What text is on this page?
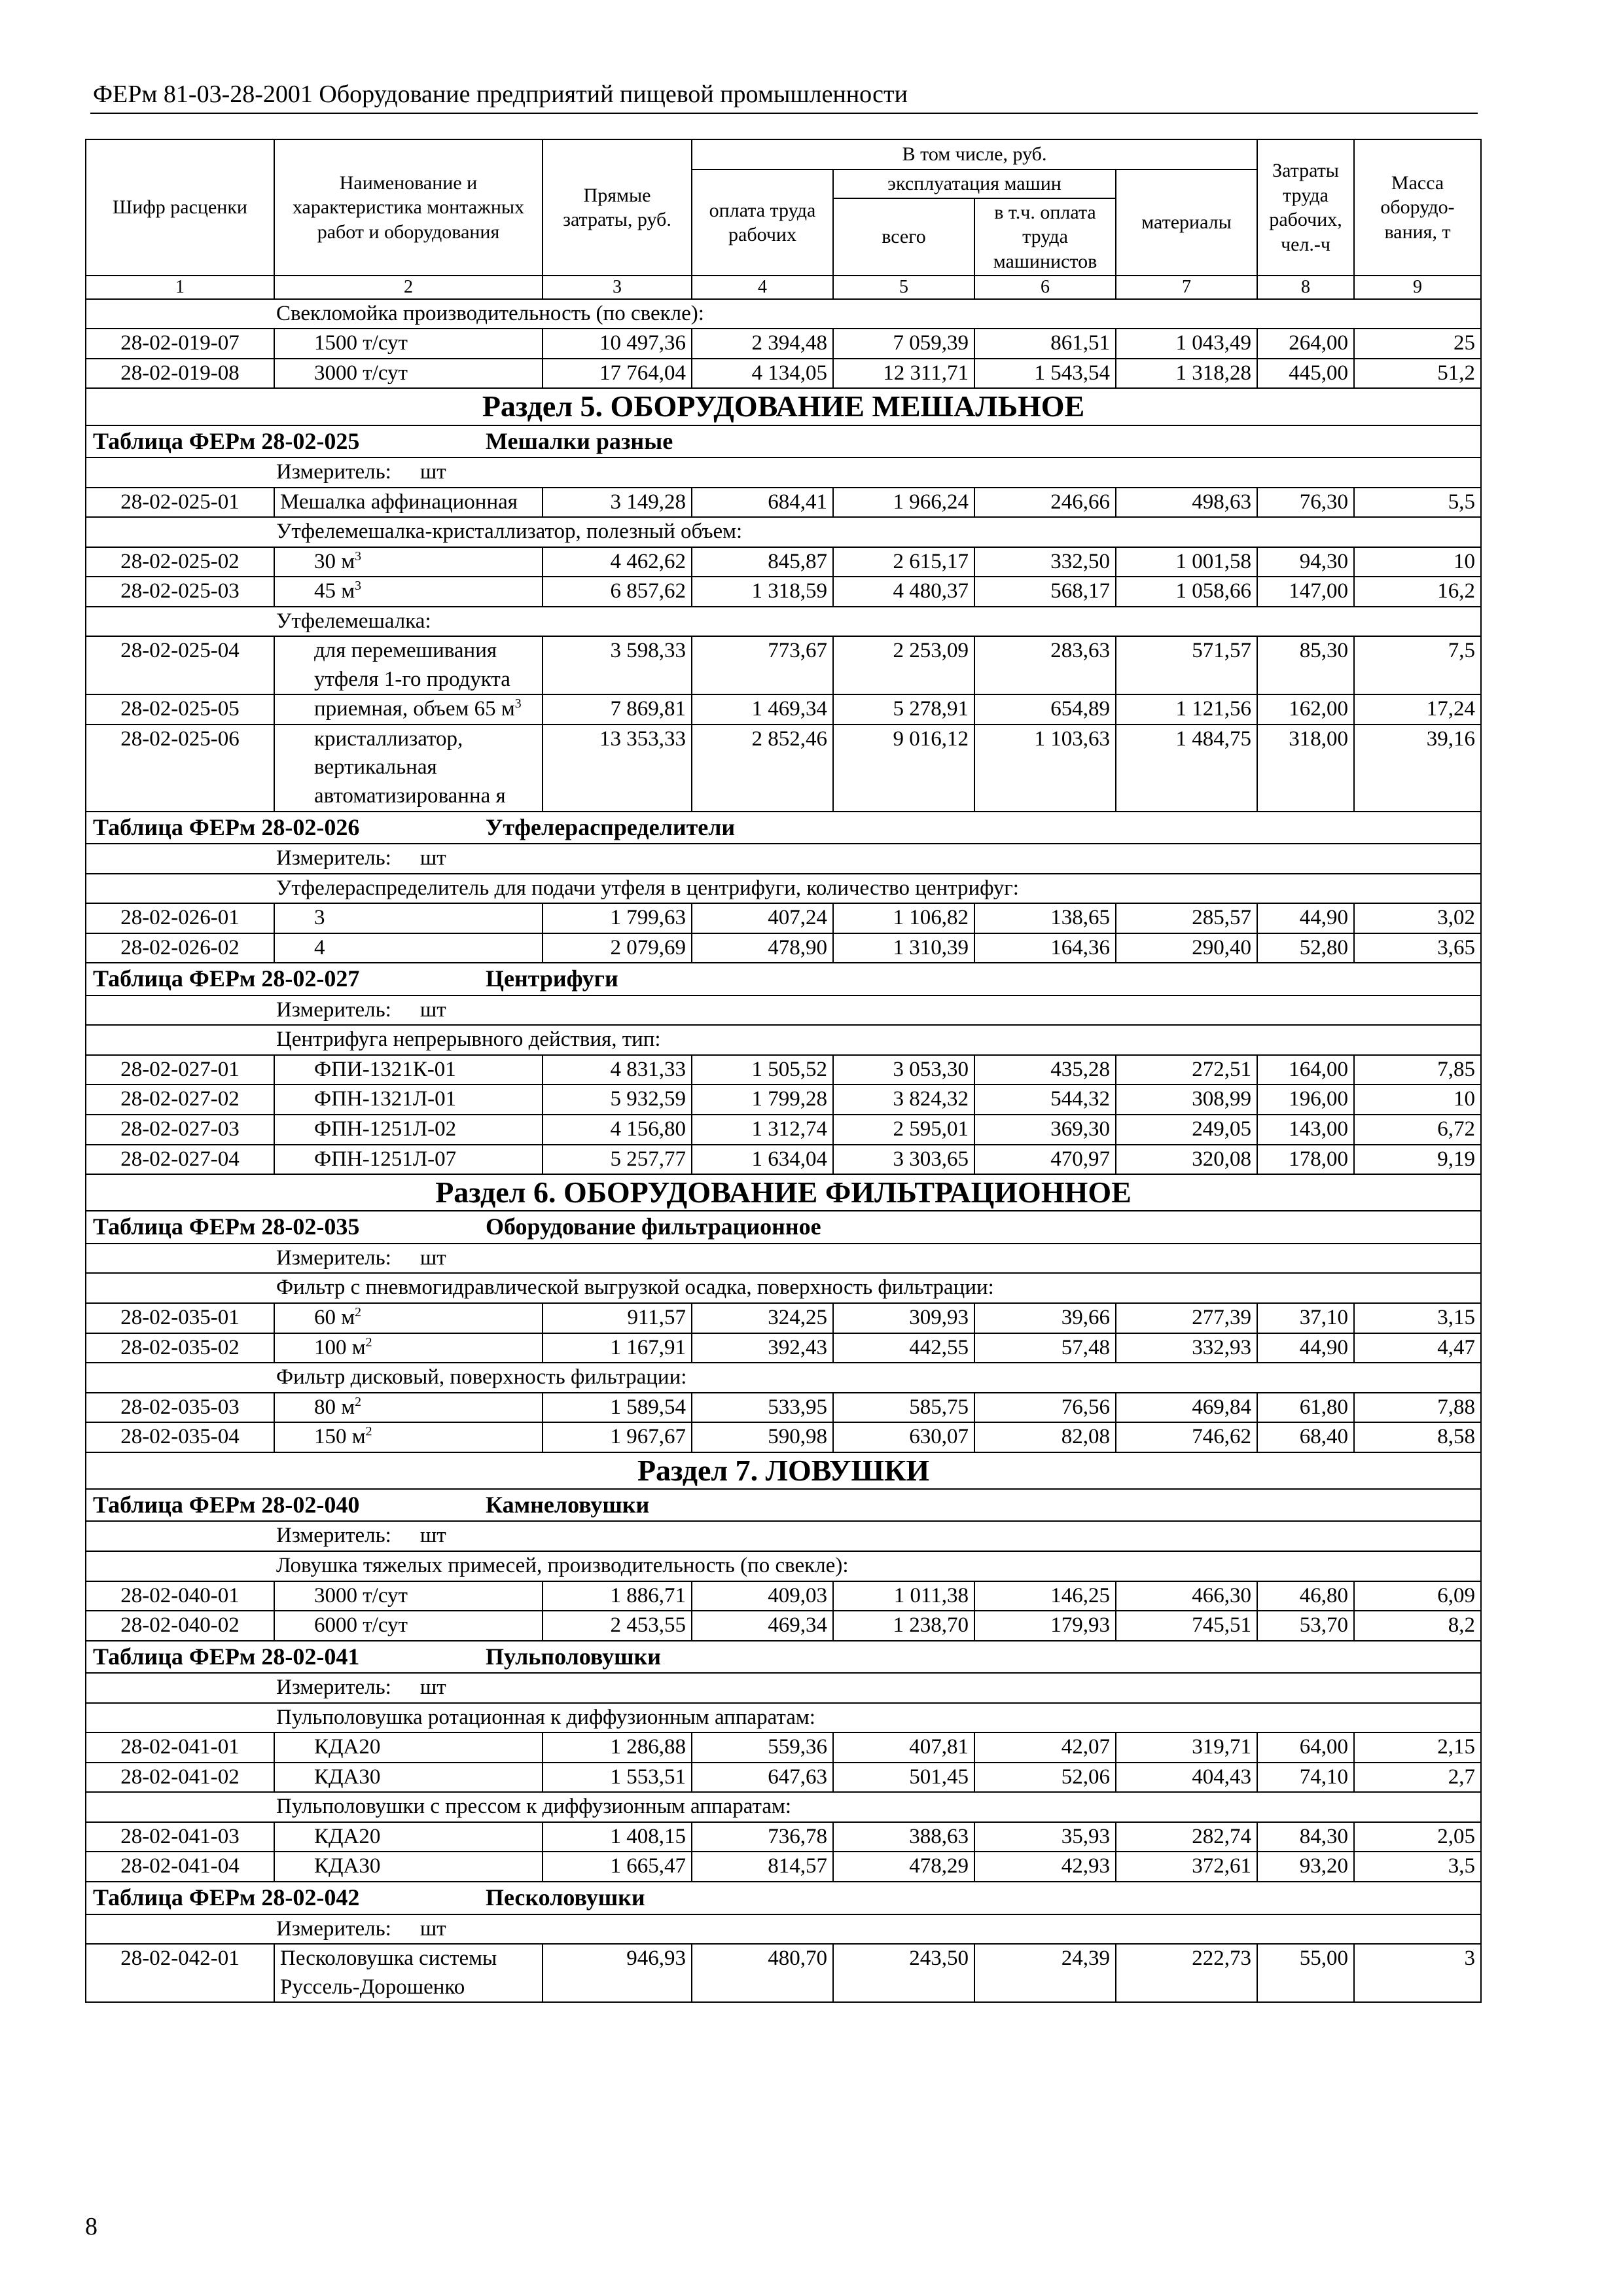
ФЕРм 81-03-28-2001 Оборудование предприятий пищевой промышленности
Шифр расценки	Наименование и характеристика монтажных работ и оборудования	Прямые затраты, руб.	В том числе, руб.				Затраты труда рабочих, чел.-ч	Масса оборудо-вания, т
			оплата труда рабочих	эксплуатация машин		материалы		
				всего	в т.ч. оплата труда машинистов			
1	2	3	4	5	6	7	8	9
Свекломойка производительность (по свекле):								
28-02-019-07	1500 т/сут	10 497,36	2 394,48	7 059,39	861,51	1 043,49	264,00	25
28-02-019-08	3000 т/сут	17 764,04	4 134,05	12 311,71	1 543,54	1 318,28	445,00	51,2
Раздел 5. ОБОРУДОВАНИЕ МЕШАЛЬНОЕ								
Таблица ФЕРм 28-02-025 Мешалки разные								
Измеритель: шт								
28-02-025-01	Мешалка аффинационная	3 149,28	684,41	1 966,24	246,66	498,63	76,30	5,5
Утфелемешалка-кристаллизатор, полезный объем:								
28-02-025-02	30 $м^3$	4 462,62	845,87	2 615,17	332,50	1 001,58	94,30	10
28-02-025-03	45 $м^3$	6 857,62	1 318,59	4 480,37	568,17	1 058,66	147,00	16,2
Утфелемешалка:								
28-02-025-04	для перемешивания утфеля 1-го продукта	3 598,33	773,67	2 253,09	283,63	571,57	85,30	7,5
28-02-025-05	приемная, объем 65 $м^3$	7 869,81	1 469,34	5 278,91	654,89	1 121,56	162,00	17,24
28-02-025-06	кристаллизатор, вертикальная автоматизированна я	13 353,33	2 852,46	9 016,12	1 103,63	1 484,75	318,00	39,16
Таблица ФЕРм 28-02-026 Утфелераспределители								
Измеритель: шт								
Утфелераспределитель для подачи утфеля в центрифуги, количество центрифуг:								
28-02-026-01	3	1 799,63	407,24	1 106,82	138,65	285,57	44,90	3,02
28-02-026-02	4	2 079,69	478,90	1 310,39	164,36	290,40	52,80	3,65
Таблица ФЕРм 28-02-027 Центрифуги								
Измеритель: шт								
Центрифуга непрерывного действия, тип:								
28-02-027-01	ФПИ-1321К-01	4 831,33	1 505,52	3 053,30	435,28	272,51	164,00	7,85
28-02-027-02	ФПН-1321Л-01	5 932,59	1 799,28	3 824,32	544,32	308,99	196,00	10
28-02-027-03	ФПН-1251Л-02	4 156,80	1 312,74	2 595,01	369,30	249,05	143,00	6,72
28-02-027-04	ФПН-1251Л-07	5 257,77	1 634,04	3 303,65	470,97	320,08	178,00	9,19
Раздел 6. ОБОРУДОВАНИЕ ФИЛЬТРАЦИОННОЕ								
Таблица ФЕРм 28-02-035 Оборудование фильтрационное								
Измеритель: шт								
Фильтр с пневмогидравлической выгрузкой осадка, поверхность фильтрации:								
28-02-035-01	60 $м^2$	911,57	324,25	309,93	39,66	277,39	37,10	3,15
28-02-035-02	100 $м^2$	1 167,91	392,43	442,55	57,48	332,93	44,90	4,47
Фильтр дисковый, поверхность фильтрации:								
28-02-035-03	80 $м^2$	1 589,54	533,95	585,75	76,56	469,84	61,80	7,88
28-02-035-04	150 $м^2$	1 967,67	590,98	630,07	82,08	746,62	68,40	8,58
Раздел 7. ЛОВУШКИ								
Таблица ФЕРм 28-02-040 Камнеловушки								
Измеритель: шт								
Ловушка тяжелых примесей, производительность (по свекле):								
28-02-040-01	3000 т/сут	1 886,71	409,03	1 011,38	146,25	466,30	46,80	6,09
28-02-040-02	6000 т/сут	2 453,55	469,34	1 238,70	179,93	745,51	53,70	8,2
Таблица ФЕРм 28-02-041 Пульполовушки								
Измеритель: шт								
Пульполовушка ротационная к диффузионным аппаратам:								
28-02-041-01	КДА20	1 286,88	559,36	407,81	42,07	319,71	64,00	2,15
28-02-041-02	КДА30	1 553,51	647,63	501,45	52,06	404,43	74,10	2,7
Пульполовушки с прессом к диффузионным аппаратам:								
28-02-041-03	КДА20	1 408,15	736,78	388,63	35,93	282,74	84,30	2,05
28-02-041-04	КДА30	1 665,47	814,57	478,29	42,93	372,61	93,20	3,5
Таблица ФЕРм 28-02-042 Песколовушки								
Измеритель: шт								
28-02-042-01	Песколовушка системы Руссель-Дорошенко	946,93	480,70	243,50	24,39	222,73	55,00	3
8
